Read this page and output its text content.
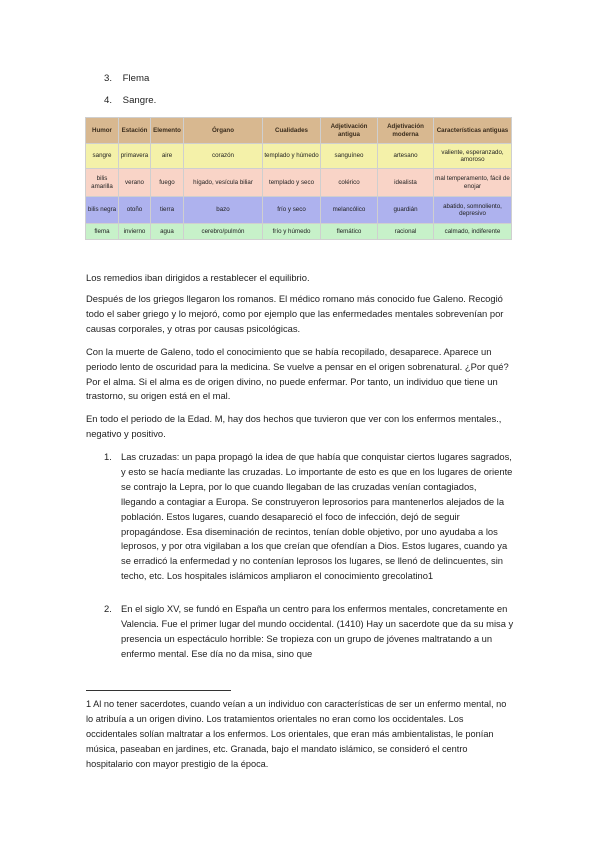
3. Flema
4. Sangre.
Humor	Estación	Elemento	Órgano	Cualidades	Adjetivación antigua	Adjetivación moderna	Características antiguas
sangre	primavera	aire	corazón	templado y húmedo	sanguíneo	artesano	valiente, esperanzado, amoroso
bilis amarilla	verano	fuego	hígado, vesícula biliar	templado y seco	colérico	idealista	mal temperamento, fácil de enojar
bilis negra	otoño	tierra	bazo	frío y seco	melancólico	guardián	abatido, somnoliento, depresivo
flema	invierno	agua	cerebro/pulmón	frío y húmedo	flemático	racional	calmado, indiferente

Los remedios iban dirigidos a restablecer el equilibrio.

Después de los griegos llegaron los romanos. El médico romano más conocido fue Galeno. Recogió todo el saber griego y lo mejoró, como por ejemplo que las enfermedades mentales sobrevenían por causas corporales, y otras por causas psicológicas.

Con la muerte de Galeno, todo el conocimiento que se había recopilado, desaparece. Aparece un periodo lento de oscuridad para la medicina. Se vuelve a pensar en el origen sobrenatural. ¿Por qué? Por el alma. Si el alma es de origen divino, no puede enfermar. Por tanto, un individuo que tiene un trastorno, su origen está en el mal.

En todo el periodo de la Edad. M, hay dos hechos que tuvieron que ver con los enfermos mentales., negativo y positivo.

1. Las cruzadas: un papa propagó la idea de que había que conquistar ciertos lugares sagrados, y esto se hacía mediante las cruzadas. Lo importante de esto es que en los lugares de oriente se contrajo la Lepra, por lo que cuando llegaban de las cruzadas venían contagiados, llegando a contagiar a Europa. Se construyeron leprosorios para mantenerlos alejados de la población. Estos lugares, cuando desapareció el foco de infección, dejó de seguir propagándose. Esa diseminación de recintos, tenían doble objetivo, por uno ayudaba a los leprosos, y por otra vigilaban a los que creían que ofendían a Dios. Estos lugares, cuando ya se erradicó la enfermedad y no contenían leprosos los lugares, se llenó de delincuentes, sin techo, etc. Los hospitales islámicos ampliaron el conocimiento grecolatino1
2. En el siglo XV, se fundó en España un centro para los enfermos mentales, concretamente en Valencia. Fue el primer lugar del mundo occidental. (1410) Hay un sacerdote que da su misa y presencia un espectáculo horrible: Se tropieza con un grupo de jóvenes maltratando a un enfermo mental. Ese día no da misa, sino que

1 Al no tener sacerdotes, cuando veían a un individuo con características de ser un enfermo mental, no lo atribuía a un origen divino. Los tratamientos orientales no eran como los occidentales. Los occidentales solían maltratar a los enfermos. Los orientales, que eran más ambientalistas, le ponían música, paseaban en jardines, etc. Granada, bajo el mandato islámico, se consideró el centro hospitalario con mayor prestigio de la época.
